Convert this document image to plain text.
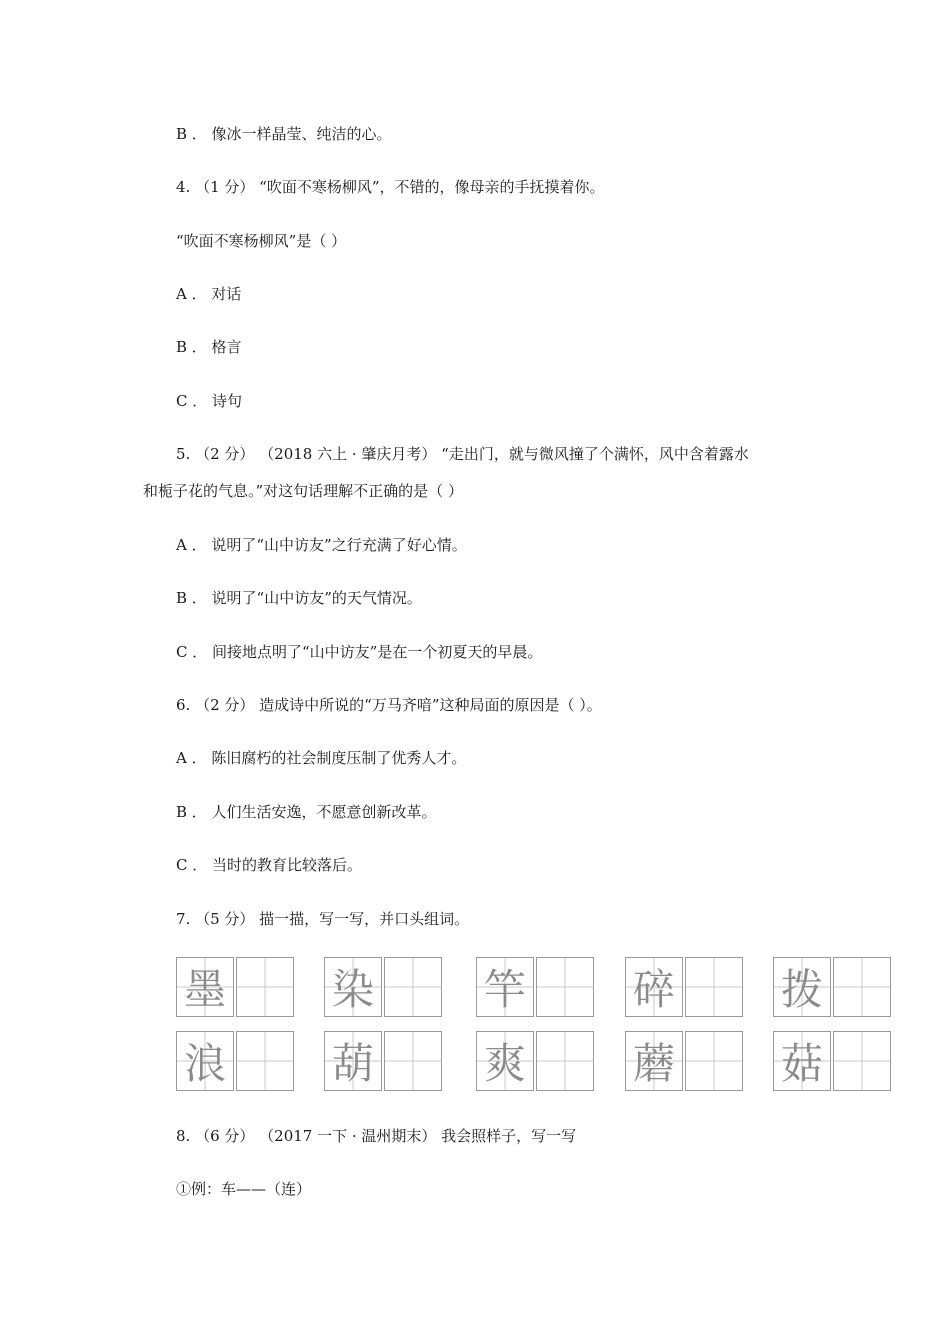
B ． 像冰一样晶莹、纯洁的心。
4. （1 分） “吹面不寒杨柳风”，不错的，像母亲的手抚摸着你。
“吹面不寒杨柳风”是（ ）
A ． 对话
B ． 格言
C ． 诗句
5. （2 分） （2018 六上 · 肇庆月考） “走出门，就与微风撞了个满怀，风中含着露水
和栀子花的气息。”对这句话理解不正确的是（ ）
A ． 说明了“山中访友”之行充满了好心情。
B ． 说明了“山中访友”的天气情况。
C ． 间接地点明了“山中访友”是在一个初夏天的早晨。
6. （2 分） 造成诗中所说的“万马齐喑”这种局面的原因是（ ）。
A ． 陈旧腐朽的社会制度压制了优秀人才。
B ． 人们生活安逸，不愿意创新改革。
C ． 当时的教育比较落后。
7. （5 分） 描一描，写一写，并口头组词。
墨	染	竿	碎	拨
浪	葫	爽	蘑	菇
8. （6 分） （2017 一下 · 温州期末） 我会照样子，写一写
①例：车——（连）
